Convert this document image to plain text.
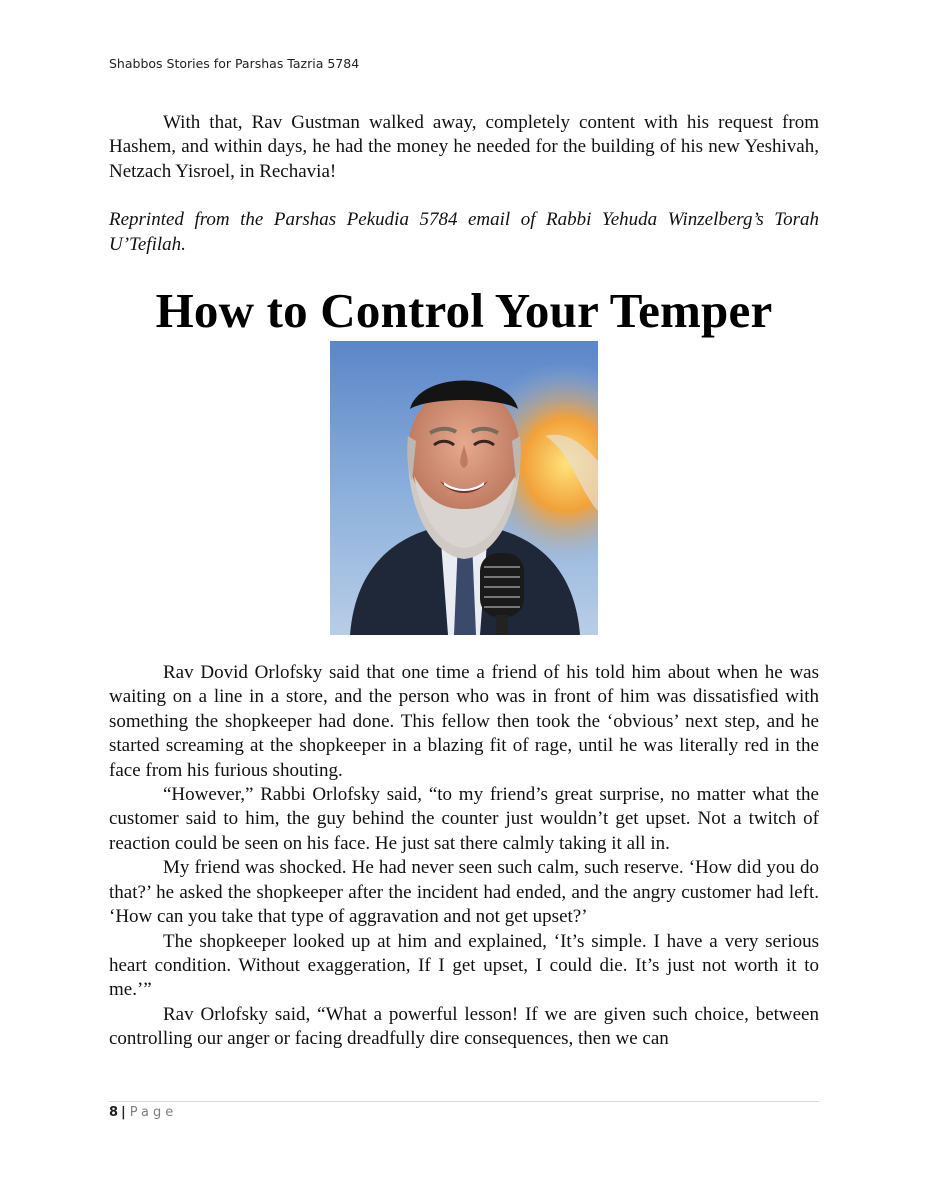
Shabbos Stories for Parshas Tazria 5784

With that, Rav Gustman walked away, completely content with his request from Hashem, and within days, he had the money he needed for the building of his new Yeshivah, Netzach Yisroel, in Rechavia!

Reprinted from the Parshas Pekudia 5784 email of Rabbi Yehuda Winzelberg’s Torah U’Tefilah.

How to Control Your Temper

Rav Dovid Orlofsky said that one time a friend of his told him about when he was waiting on a line in a store, and the person who was in front of him was dissatisfied with something the shopkeeper had done. This fellow then took the ‘obvious’ next step, and he started screaming at the shopkeeper in a blazing fit of rage, until he was literally red in the face from his furious shouting.

“However,” Rabbi Orlofsky said, “to my friend’s great surprise, no matter what the customer said to him, the guy behind the counter just wouldn’t get upset. Not a twitch of reaction could be seen on his face. He just sat there calmly taking it all in.

My friend was shocked. He had never seen such calm, such reserve. ‘How did you do that?’ he asked the shopkeeper after the incident had ended, and the angry customer had left. ‘How can you take that type of aggravation and not get upset?’

The shopkeeper looked up at him and explained, ‘It’s simple. I have a very serious heart condition. Without exaggeration, If I get upset, I could die. It’s just not worth it to me.’”

Rav Orlofsky said, “What a powerful lesson! If we are given such choice, between controlling our anger or facing dreadfully dire consequences, then we can

8 | Page
